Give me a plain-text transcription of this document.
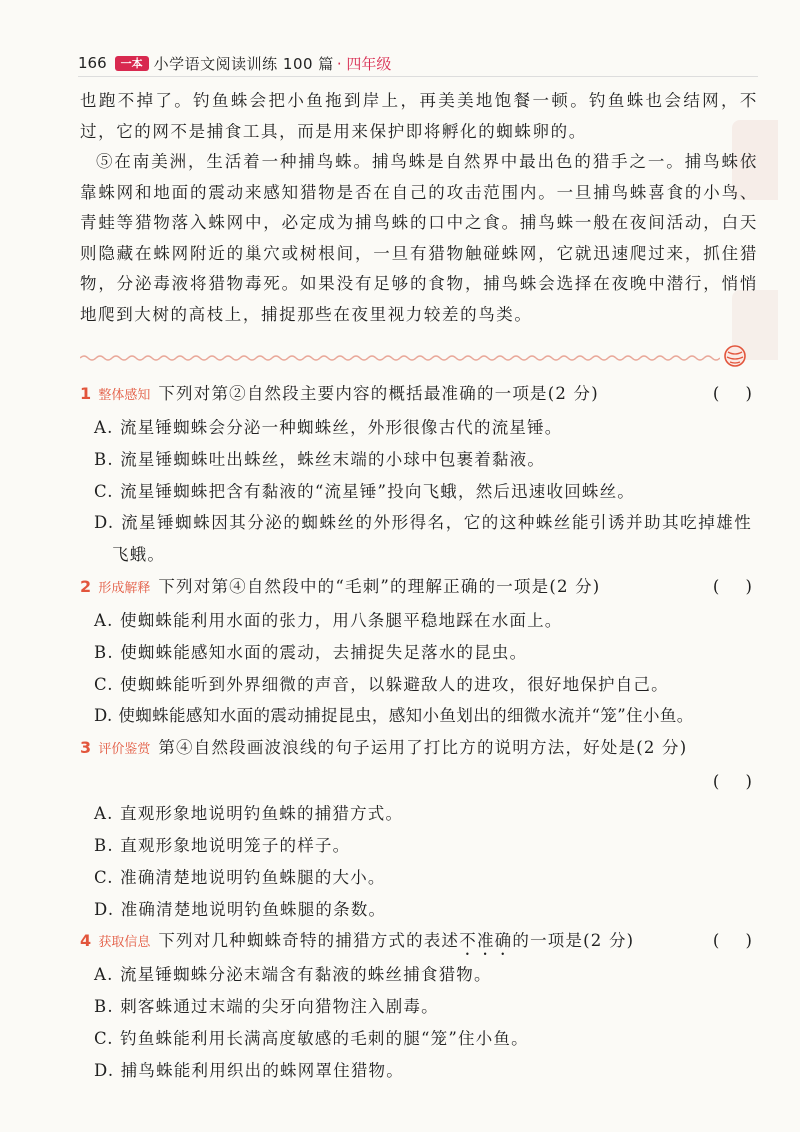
166	一本 小学语文阅读训练 100 篇 · 四年级

也跑不掉了。钓鱼蛛会把小鱼拖到岸上，再美美地饱餐一顿。钓鱼蛛也会结网，不过，它的网不是捕食工具，而是用来保护即将孵化的蜘蛛卵的。

⑤在南美洲，生活着一种捕鸟蛛。捕鸟蛛是自然界中最出色的猎手之一。捕鸟蛛依靠蛛网和地面的震动来感知猎物是否在自己的攻击范围内。一旦捕鸟蛛喜食的小鸟、青蛙等猎物落入蛛网中，必定成为捕鸟蛛的口中之食。捕鸟蛛一般在夜间活动，白天则隐藏在蛛网附近的巢穴或树根间，一旦有猎物触碰蛛网，它就迅速爬过来，抓住猎物，分泌毒液将猎物毒死。如果没有足够的食物，捕鸟蛛会选择在夜晚中潜行，悄悄地爬到大树的高枝上，捕捉那些在夜里视力较差的鸟类。

1 整体感知 下列对第②自然段主要内容的概括最准确的一项是(2 分)	(     )
A. 流星锤蜘蛛会分泌一种蜘蛛丝，外形很像古代的流星锤。
B. 流星锤蜘蛛吐出蛛丝，蛛丝末端的小球中包裹着黏液。
C. 流星锤蜘蛛把含有黏液的“流星锤”投向飞蛾，然后迅速收回蛛丝。
D. 流星锤蜘蛛因其分泌的蜘蛛丝的外形得名，它的这种蛛丝能引诱并助其吃掉雄性飞蛾。
2 形成解释 下列对第④自然段中的“毛刺”的理解正确的一项是(2 分)	(     )
A. 使蜘蛛能利用水面的张力，用八条腿平稳地踩在水面上。
B. 使蜘蛛能感知水面的震动，去捕捉失足落水的昆虫。
C. 使蜘蛛能听到外界细微的声音，以躲避敌人的进攻，很好地保护自己。
D. 使蜘蛛能感知水面的震动捕捉昆虫，感知小鱼划出的细微水流并“笼”住小鱼。
3 评价鉴赏 第④自然段画波浪线的句子运用了打比方的说明方法，好处是(2 分)
(     )
A. 直观形象地说明钓鱼蛛的捕猎方式。
B. 直观形象地说明笼子的样子。
C. 准确清楚地说明钓鱼蛛腿的大小。
D. 准确清楚地说明钓鱼蛛腿的条数。
4 获取信息 下列对几种蜘蛛奇特的捕猎方式的表述不准确的一项是(2 分)	(     )
A. 流星锤蜘蛛分泌末端含有黏液的蛛丝捕食猎物。
B. 刺客蛛通过末端的尖牙向猎物注入剧毒。
C. 钓鱼蛛能利用长满高度敏感的毛刺的腿“笼”住小鱼。
D. 捕鸟蛛能利用织出的蛛网罩住猎物。
